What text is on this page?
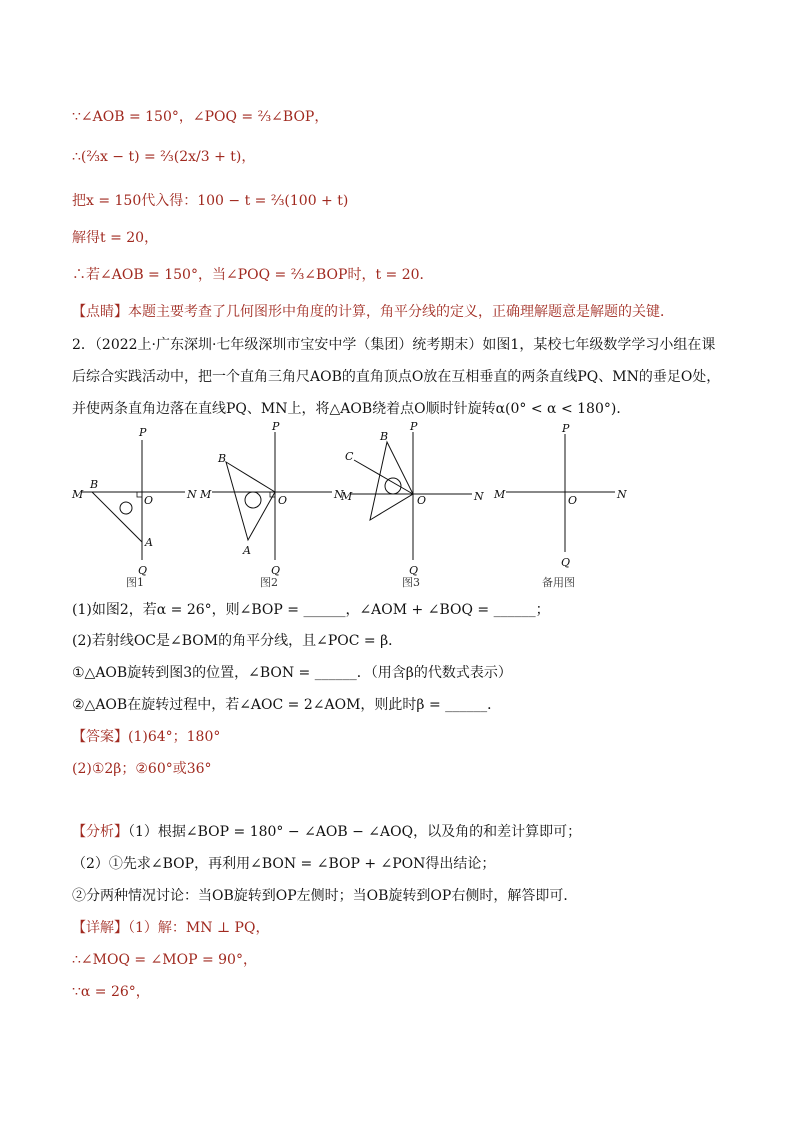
∵∠AOB = 150°，∠POQ = ⅔∠BOP，
∴(⅔x − t) = ⅔(2x/3 + t)，
把x = 150代入得：100 − t = ⅔(100 + t)
解得t = 20，
∴若∠AOB = 150°，当∠POQ = ⅔∠BOP时，t = 20．
【点睛】本题主要考查了几何图形中角度的计算，角平分线的定义，正确理解题意是解题的关键．
2．（2022上·广东深圳·七年级深圳市宝安中学（集团）统考期末）如图1，某校七年级数学学习小组在课
后综合实践活动中，把一个直角三角尺AOB的直角顶点O放在互相垂直的两条直线PQ、MN的垂足O处，
并使两条直角边落在直线PQ、MN上，将△AOB绕着点O顺时针旋转α(0° < α < 180°)．
P
Q
M	N
O
A
B
图1
P
Q
M	N
O
A
B
图2
P
Q
M	N
O
B
C
图3
P
Q
M	N
O
备用图
(1)如图2，若α = 26°，则∠BOP = ______，∠AOM + ∠BOQ = ______；
(2)若射线OC是∠BOM的角平分线，且∠POC = β．
①△AOB旋转到图3的位置，∠BON = ______．（用含β的代数式表示）
②△AOB在旋转过程中，若∠AOC = 2∠AOM，则此时β = ______．
【答案】(1)64°；180°
(2)①2β；②60°或36°
【分析】（1）根据∠BOP = 180° − ∠AOB − ∠AOQ，以及角的和差计算即可；
（2）①先求∠BOP，再利用∠BON = ∠BOP + ∠PON得出结论；
②分两种情况讨论：当OB旋转到OP左侧时；当OB旋转到OP右侧时，解答即可．
【详解】（1）解：MN ⊥ PQ，
∴∠MOQ = ∠MOP = 90°，
∵α = 26°，
